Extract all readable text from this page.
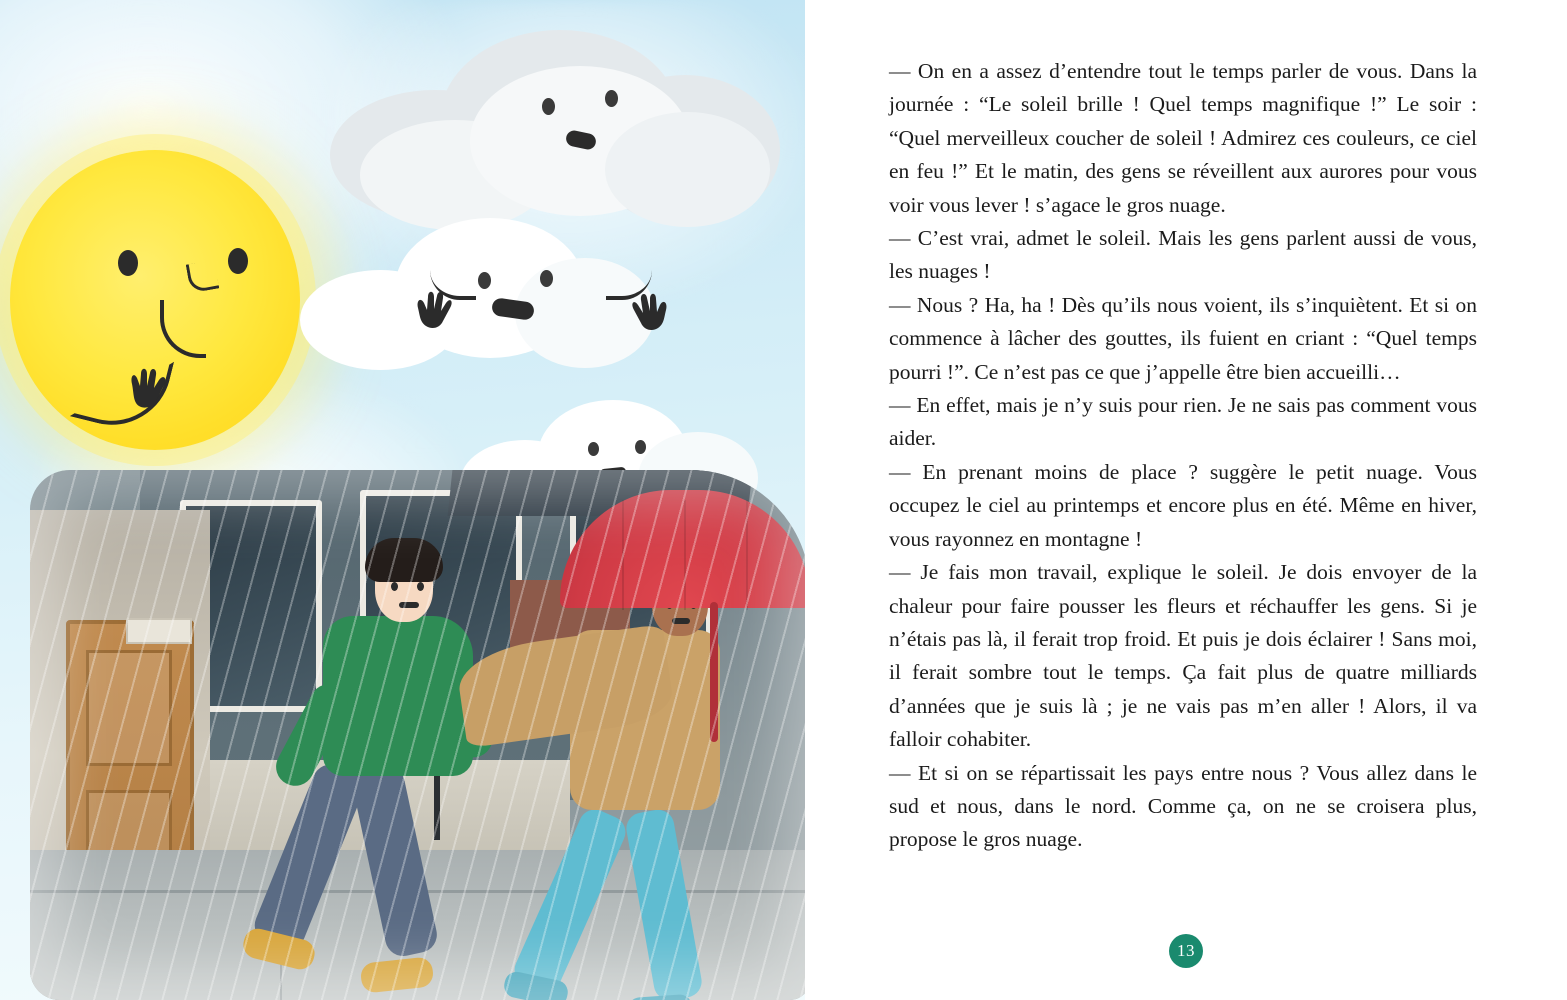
— On en a assez d’entendre tout le temps parler de vous. Dans la journée : “Le soleil brille ! Quel temps magnifique !” Le soir : “Quel merveilleux coucher de soleil ! Admirez ces couleurs, ce ciel en feu !” Et le matin, des gens se réveillent aux aurores pour vous voir vous lever ! s’agace le gros nuage.

— C’est vrai, admet le soleil. Mais les gens parlent aussi de vous, les nuages !

— Nous ? Ha, ha ! Dès qu’ils nous voient, ils s’inquiètent. Et si on commence à lâcher des gouttes, ils fuient en criant : “Quel temps pourri !”. Ce n’est pas ce que j’appelle être bien accueilli…

— En effet, mais je n’y suis pour rien. Je ne sais pas comment vous aider.

— En prenant moins de place ? suggère le petit nuage. Vous occupez le ciel au printemps et encore plus en été. Même en hiver, vous rayonnez en montagne !

— Je fais mon travail, explique le soleil. Je dois envoyer de la chaleur pour faire pousser les fleurs et réchauffer les gens. Si je n’étais pas là, il ferait trop froid. Et puis je dois éclairer ! Sans moi, il ferait sombre tout le temps. Ça fait plus de quatre milliards d’années que je suis là ; je ne vais pas m’en aller ! Alors, il va falloir cohabiter.

— Et si on se répartissait les pays entre nous ? Vous allez dans le sud et nous, dans le nord. Comme ça, on ne se croisera plus, propose le gros nuage.

13
